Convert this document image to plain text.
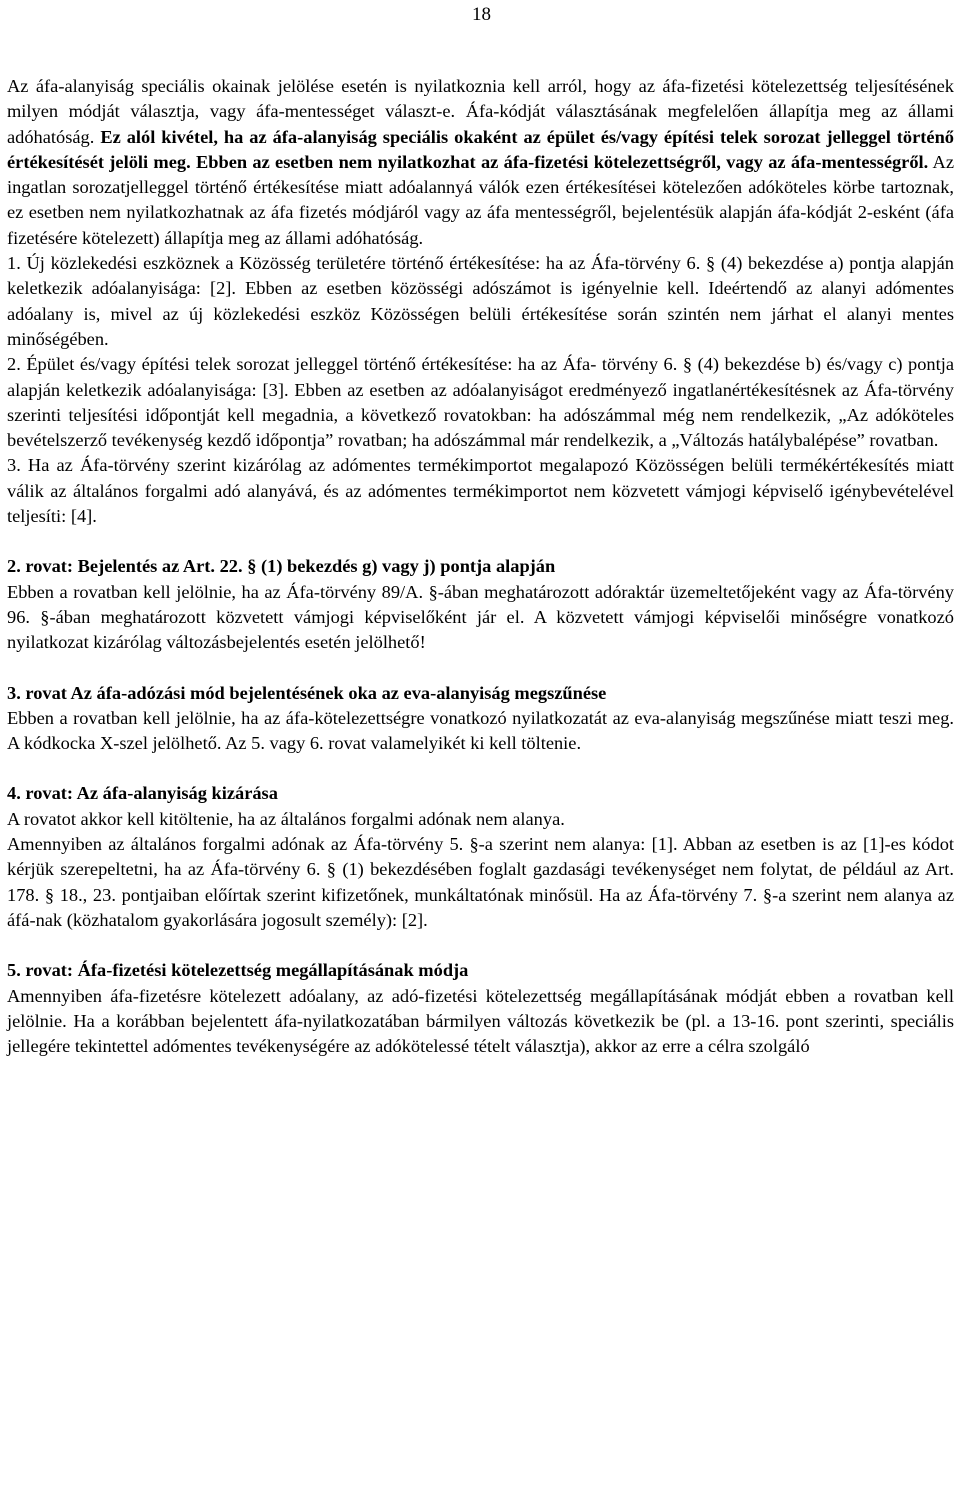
18

Az áfa-alanyiság speciális okainak jelölése esetén is nyilatkoznia kell arról, hogy az áfa-fizetési kötelezettség teljesítésének milyen módját választja, vagy áfa-mentességet választ-e. Áfa-kódját választásának megfelelően állapítja meg az állami adóhatóság. Ez alól kivétel, ha az áfa-alanyiság speciális okaként az épület és/vagy építési telek sorozat jelleggel történő értékesítését jelöli meg. Ebben az esetben nem nyilatkozhat az áfa-fizetési kötelezettségről, vagy az áfa-mentességről. Az ingatlan sorozatjelleggel történő értékesítése miatt adóalannyá válók ezen értékesítései kötelezően adóköteles körbe tartoznak, ez esetben nem nyilatkozhatnak az áfa fizetés módjáról vagy az áfa mentességről, bejelentésük alapján áfa-kódját 2-esként (áfa fizetésére kötelezett) állapítja meg az állami adóhatóság.

1. Új közlekedési eszköznek a Közösség területére történő értékesítése: ha az Áfa-törvény 6. § (4) bekezdése a) pontja alapján keletkezik adóalanyisága: [2]. Ebben az esetben közösségi adószámot is igényelnie kell. Ideértendő az alanyi adómentes adóalany is, mivel az új közlekedési eszköz Közösségen belüli értékesítése során szintén nem járhat el alanyi mentes minőségében.

2. Épület és/vagy építési telek sorozat jelleggel történő értékesítése: ha az Áfa- törvény 6. § (4) bekezdése b) és/vagy c) pontja alapján keletkezik adóalanyisága: [3]. Ebben az esetben az adóalanyiságot eredményező ingatlanértékesítésnek az Áfa-törvény szerinti teljesítési időpontját kell megadnia, a következő rovatokban: ha adószámmal még nem rendelkezik, „Az adóköteles bevételszerző tevékenység kezdő időpontja” rovatban; ha adószámmal már rendelkezik, a „Változás hatálybalépése” rovatban.

3. Ha az Áfa-törvény szerint kizárólag az adómentes termékimportot megalapozó Közösségen belüli termékértékesítés miatt válik az általános forgalmi adó alanyává, és az adómentes termékimportot nem közvetett vámjogi képviselő igénybevételével teljesíti: [4].

2. rovat: Bejelentés az Art. 22. § (1) bekezdés g) vagy j) pontja alapján

Ebben a rovatban kell jelölnie, ha az Áfa-törvény 89/A. §-ában meghatározott adóraktár üzemeltetőjeként vagy az Áfa-törvény 96. §-ában meghatározott közvetett vámjogi képviselőként jár el. A közvetett vámjogi képviselői minőségre vonatkozó nyilatkozat kizárólag változásbejelentés esetén jelölhető!

3. rovat Az áfa-adózási mód bejelentésének oka az eva-alanyiság megszűnése

Ebben a rovatban kell jelölnie, ha az áfa-kötelezettségre vonatkozó nyilatkozatát az eva-alanyiság megszűnése miatt teszi meg. A kódkocka X-szel jelölhető. Az 5. vagy 6. rovat valamelyikét ki kell töltenie.

4. rovat: Az áfa-alanyiság kizárása

A rovatot akkor kell kitöltenie, ha az általános forgalmi adónak nem alanya.

Amennyiben az általános forgalmi adónak az Áfa-törvény 5. §-a szerint nem alanya: [1]. Abban az esetben is az [1]-es kódot kérjük szerepeltetni, ha az Áfa-törvény 6. § (1) bekezdésében foglalt gazdasági tevékenységet nem folytat, de például az Art. 178. § 18., 23. pontjaiban előírtak szerint kifizetőnek, munkáltatónak minősül. Ha az Áfa-törvény 7. §-a szerint nem alanya az áfá-nak (közhatalom gyakorlására jogosult személy): [2].

5. rovat: Áfa-fizetési kötelezettség megállapításának módja

Amennyiben áfa-fizetésre kötelezett adóalany, az adó-fizetési kötelezettség megállapításának módját ebben a rovatban kell jelölnie. Ha a korábban bejelentett áfa-nyilatkozatában bármilyen változás következik be (pl. a 13-16. pont szerinti, speciális jellegére tekintettel adómentes tevékenységére az adókötelessé tételt választja), akkor az erre a célra szolgáló
